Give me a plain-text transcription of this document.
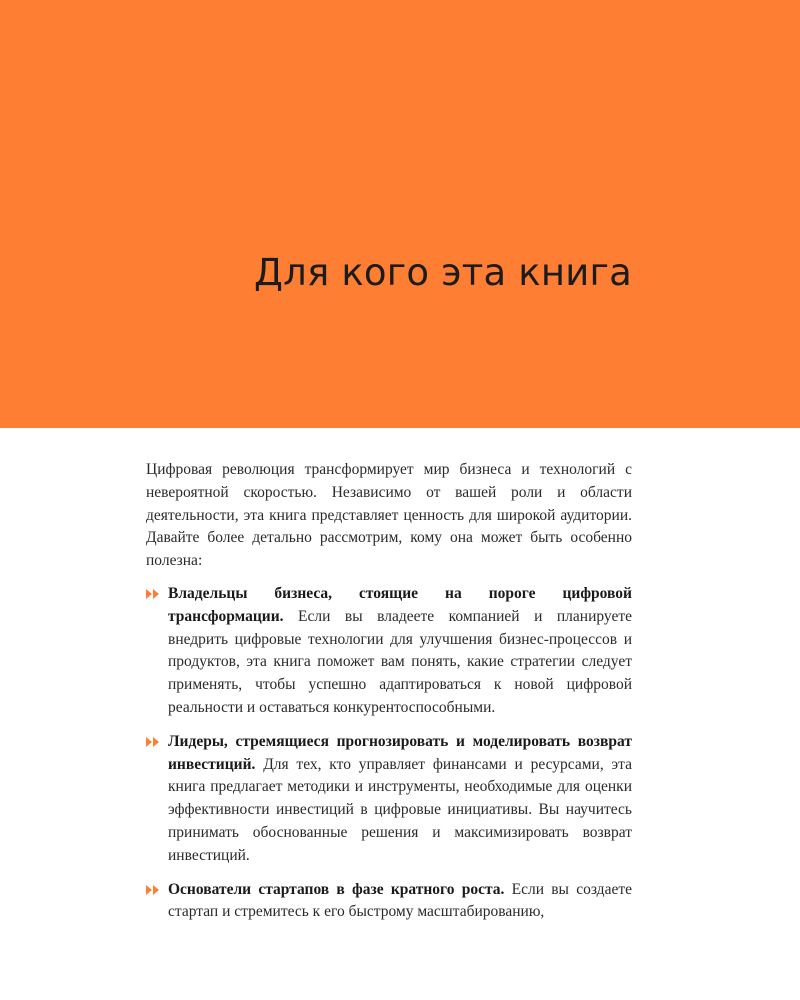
Для кого эта книга

Цифровая революция трансформирует мир бизнеса и технологий с невероятной скоростью. Независимо от вашей роли и области деятельности, эта книга представляет ценность для широкой аудитории. Давайте более детально рассмотрим, кому она может быть особенно полезна:

Владельцы бизнеса, стоящие на пороге цифровой трансформации. Если вы владеете компанией и планируете внедрить цифровые технологии для улучшения бизнес-процессов и продуктов, эта книга поможет вам понять, какие стратегии следует применять, чтобы успешно адаптироваться к новой цифровой реальности и оставаться конкурентоспособными.
Лидеры, стремящиеся прогнозировать и моделировать возврат инвестиций. Для тех, кто управляет финансами и ресурсами, эта книга предлагает методики и инструменты, необходимые для оценки эффективности инвестиций в цифровые инициативы. Вы научитесь принимать обоснованные решения и максимизировать возврат инвестиций.
Основатели стартапов в фазе кратного роста. Если вы создаете стартап и стремитесь к его быстрому масштабированию,
